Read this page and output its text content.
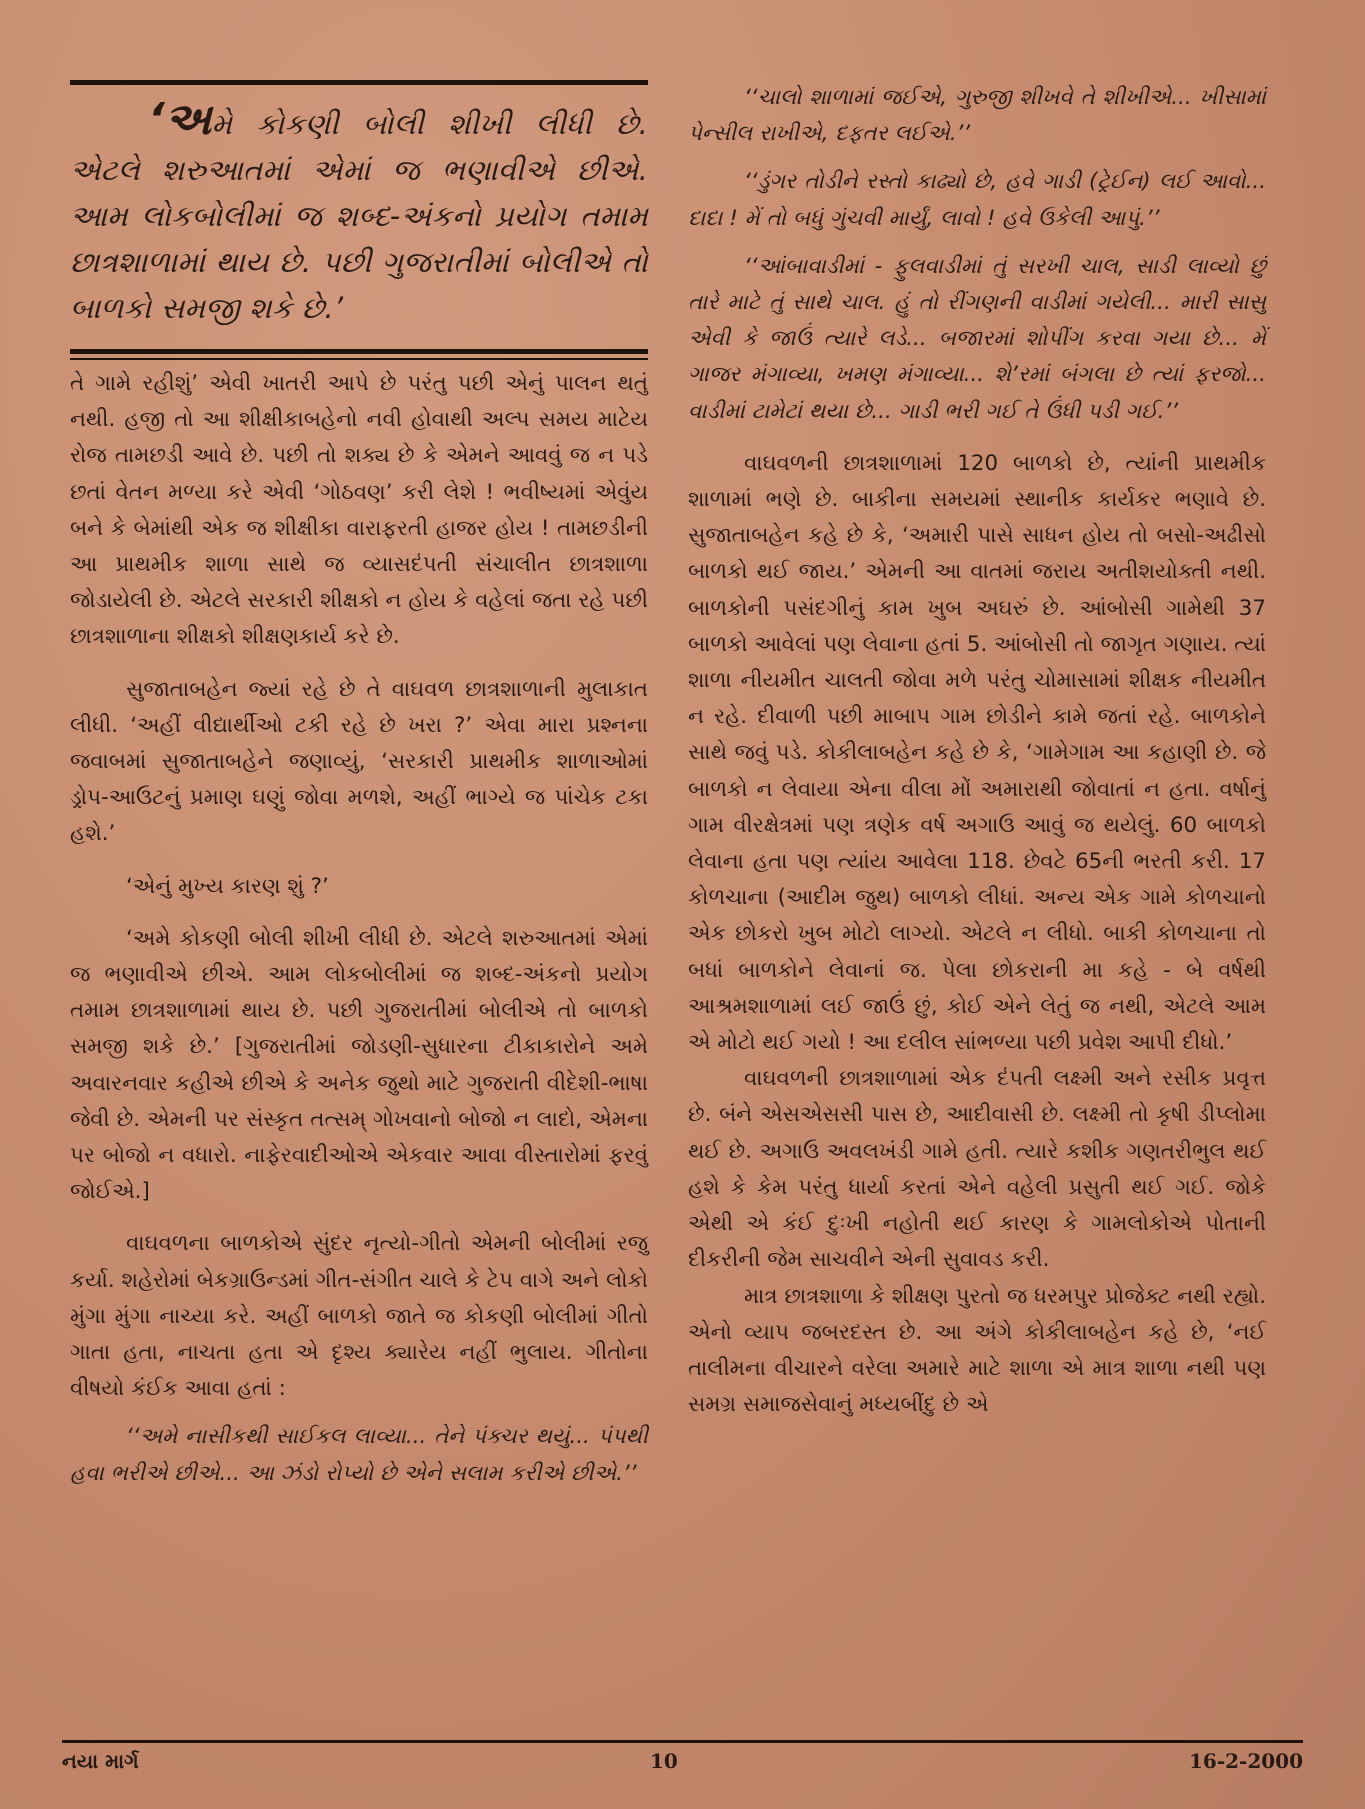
‘અમે કોકણી બોલી શીખી લીધી છે. એટલે શરુઆતમાં એમાં જ ભણાવીએ છીએ. આમ લોકબોલીમાં જ શબ્દ-અંકનો પ્રયોગ તમામ છાત્રશાળામાં થાય છે. પછી ગુજરાતીમાં બોલીએ તો બાળકો સમજી શકે છે.’

તે ગામે રહીશું’ એવી ખાતરી આપે છે પરંતુ પછી એનું પાલન થતું નથી. હજી તો આ શીક્ષીકાબહેનો નવી હોવાથી અલ્પ સમય માટેય રોજ તામછડી આવે છે. પછી તો શક્ય છે કે એમને આવવું જ ન પડે છતાં વેતન મળ્યા કરે એવી ‘ગોઠવણ’ કરી લેશે ! ભવીષ્યમાં એવુંય બને કે બેમાંથી એક જ શીક્ષીકા વારાફરતી હાજર હોય ! તામછડીની આ પ્રાથમીક શાળા સાથે જ વ્યાસદંપતી સંચાલીત છાત્રશાળા જોડાયેલી છે. એટલે સરકારી શીક્ષકો ન હોય કે વહેલાં જતા રહે પછી છાત્રશાળાના શીક્ષકો શીક્ષણકાર્ય કરે છે.

સુજાતાબહેન જ્યાં રહે છે તે વાઘવળ છાત્રશાળાની મુલાકાત લીધી. ‘અહીં વીદ્યાર્થીઓ ટકી રહે છે ખરા ?’ એવા મારા પ્રશ્નના જવાબમાં સુજાતાબહેને જણાવ્યું, ‘સરકારી પ્રાથમીક શાળાઓમાં ડ્રોપ-આઉટનું પ્રમાણ ઘણું જોવા મળશે, અહીં ભાગ્યે જ પાંચેક ટકા હશે.’

‘એનું મુખ્ય કારણ શું ?’

‘અમે કોકણી બોલી શીખી લીધી છે. એટલે શરુઆતમાં એમાં જ ભણાવીએ છીએ. આમ લોકબોલીમાં જ શબ્દ-અંકનો પ્રયોગ તમામ છાત્રશાળામાં થાય છે. પછી ગુજરાતીમાં બોલીએ તો બાળકો સમજી શકે છે.’ [ગુજરાતીમાં જોડણી-સુધારના ટીકાકારોને અમે અવારનવાર કહીએ છીએ કે અનેક જુથો માટે ગુજરાતી વીદેશી-ભાષા જેવી છે. એમની પર સંસ્કૃત તત્સમ્ ગોખવાનો બોજો ન લાદો, એમના પર બોજો ન વધારો. નાફેરવાદીઓએ એકવાર આવા વીસ્તારોમાં ફરવું જોઈએ.]

વાઘવળના બાળકોએ સુંદર નૃત્યો-ગીતો એમની બોલીમાં રજુ કર્યા. શહેરોમાં બેકગ્રાઉન્ડમાં ગીત-સંગીત ચાલે કે ટેપ વાગે અને લોકો મુંગા મુંગા નાચ્યા કરે. અહીં બાળકો જાતે જ કોકણી બોલીમાં ગીતો ગાતા હતા, નાચતા હતા એ દૃશ્ય ક્યારેય નહીં ભુલાય. ગીતોના વીષયો કંઈક આવા હતાં :

‘‘અમે નાસીકથી સાઈકલ લાવ્યા... તેને પંક્ચર થયું... પંપથી હવા ભરીએ છીએ... આ ઝંડો રોપ્યો છે એને સલામ કરીએ છીએ.’’

‘‘ચાલો શાળામાં જઈએ, ગુરુજી શીખવે તે શીખીએ... ખીસામાં પેન્સીલ રાખીએ, દફતર લઈએ.’’

‘‘ડુંગર તોડીને રસ્તો કાઢ્યો છે, હવે ગાડી (ટ્રેઈન) લઈ આવો... દાદા ! મેં તો બધું ગુંચવી માર્યું, લાવો ! હવે ઉકેલી આપું.’’

‘‘આંબાવાડીમાં - ફુલવાડીમાં તું સરખી ચાલ, સાડી લાવ્યો છું તારે માટે તું સાથે ચાલ. હું તો રીંગણની વાડીમાં ગયેલી... મારી સાસુ એવી કે જાઉં ત્યારે લડે... બજારમાં શોપીંગ કરવા ગયા છે... મેં ગાજર મંગાવ્યા, ખમણ મંગાવ્યા... શે’રમાં બંગલા છે ત્યાં ફરજો... વાડીમાં ટામેટાં થયા છે... ગાડી ભરી ગઈ તે ઉંધી પડી ગઈ.’’

વાઘવળની છાત્રશાળામાં 120 બાળકો છે, ત્યાંની પ્રાથમીક શાળામાં ભણે છે. બાકીના સમયમાં સ્થાનીક કાર્યકર ભણાવે છે. સુજાતાબહેન કહે છે કે, ‘અમારી પાસે સાધન હોય તો બસો-અઢીસો બાળકો થઈ જાય.’ એમની આ વાતમાં જરાય અતીશયોક્તી નથી. બાળકોની પસંદગીનું કામ ખુબ અઘરું છે. આંબોસી ગામેથી 37 બાળકો આવેલાં પણ લેવાના હતાં 5. આંબોસી તો જાગૃત ગણાય. ત્યાં શાળા નીયમીત ચાલતી જોવા મળે પરંતુ ચોમાસામાં શીક્ષક નીયમીત ન રહે. દીવાળી પછી માબાપ ગામ છોડીને કામે જતાં રહે. બાળકોને સાથે જવું પડે. કોકીલાબહેન કહે છે કે, ‘ગામેગામ આ કહાણી છે. જે બાળકો ન લેવાયા એના વીલા મોં અમારાથી જોવાતાં ન હતા. વર્ષાનું ગામ વીરક્ષેત્રમાં પણ ત્રણેક વર્ષ અગાઉ આવું જ થયેલું. 60 બાળકો લેવાના હતા પણ ત્યાંય આવેલા 118. છેવટે 65ની ભરતી કરી. 17 કોળચાના (આદીમ જુથ) બાળકો લીધાં. અન્ય એક ગામે કોળચાનો એક છોકરો ખુબ મોટો લાગ્યો. એટલે ન લીધો. બાકી કોળચાના તો બધાં બાળકોને લેવાનાં જ. પેલા છોકરાની મા કહે - બે વર્ષથી આશ્રમશાળામાં લઈ જાઉં છું, કોઈ એને લેતું જ નથી, એટલે આમ એ મોટો થઈ ગયો ! આ દલીલ સાંભળ્યા પછી પ્રવેશ આપી દીધો.’

વાઘવળની છાત્રશાળામાં એક દંપતી લક્ષ્મી અને રસીક પ્રવૃત્ત છે. બંને એસએસસી પાસ છે, આદીવાસી છે. લક્ષ્મી તો કૃષી ડીપ્લોમા થઈ છે. અગાઉ અવલખંડી ગામે હતી. ત્યારે કશીક ગણતરીભુલ થઈ હશે કે કેમ પરંતુ ધાર્યા કરતાં એને વહેલી પ્રસુતી થઈ ગઈ. જોકે એથી એ કંઈ દુઃખી નહોતી થઈ કારણ કે ગામલોકોએ પોતાની દીકરીની જેમ સાચવીને એની સુવાવડ કરી.

માત્ર છાત્રશાળા કે શીક્ષણ પુરતો જ ધરમપુર પ્રોજેક્ટ નથી રહ્યો. એનો વ્યાપ જબરદસ્ત છે. આ અંગે કોકીલાબહેન કહે છે, ‘નઈ તાલીમના વીચારને વરેલા અમારે માટે શાળા એ માત્ર શાળા નથી પણ સમગ્ર સમાજસેવાનું મધ્યબીંદુ છે એ

નયા માર્ગ	10	16-2-2000
